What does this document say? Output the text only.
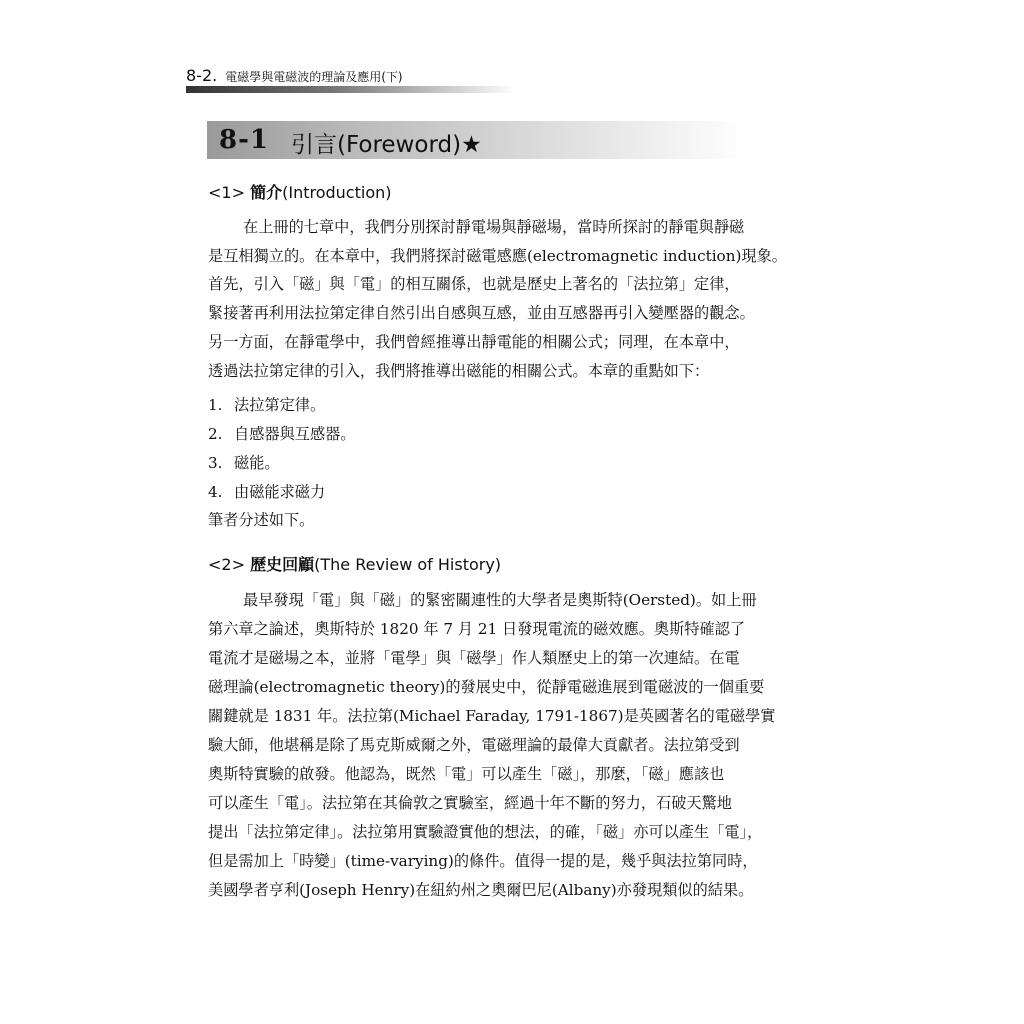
8-2. 電磁學與電磁波的理論及應用(下)
8-1 引言(Foreword)★
<1> 簡介(Introduction)
在上冊的七章中，我們分別探討靜電場與靜磁場，當時所探討的靜電與靜磁
是互相獨立的。在本章中，我們將探討磁電感應(electromagnetic induction)現象。
首先，引入「磁」與「電」的相互關係，也就是歷史上著名的「法拉第」定律，
緊接著再利用法拉第定律自然引出自感與互感，並由互感器再引入變壓器的觀念。
另一方面，在靜電學中，我們曾經推導出靜電能的相關公式；同理，在本章中，
透過法拉第定律的引入，我們將推導出磁能的相關公式。本章的重點如下：
1. 法拉第定律。
2. 自感器與互感器。
3. 磁能。
4. 由磁能求磁力
筆者分述如下。
<2> 歷史回顧(The Review of History)
最早發現「電」與「磁」的緊密關連性的大學者是奧斯特(Oersted)。如上冊
第六章之論述，奧斯特於 1820 年 7 月 21 日發現電流的磁效應。奧斯特確認了
電流才是磁場之本，並將「電學」與「磁學」作人類歷史上的第一次連結。在電
磁理論(electromagnetic theory)的發展史中，從靜電磁進展到電磁波的一個重要
關鍵就是 1831 年。法拉第(Michael Faraday, 1791-1867)是英國著名的電磁學實
驗大師，他堪稱是除了馬克斯威爾之外，電磁理論的最偉大貢獻者。法拉第受到
奧斯特實驗的啟發。他認為，既然「電」可以產生「磁」，那麼，「磁」應該也
可以產生「電」。法拉第在其倫敦之實驗室，經過十年不斷的努力，石破天驚地
提出「法拉第定律」。法拉第用實驗證實他的想法，的確，「磁」亦可以產生「電」，
但是需加上「時變」(time-varying)的條件。值得一提的是，幾乎與法拉第同時，
美國學者亨利(Joseph Henry)在紐約州之奧爾巴尼(Albany)亦發現類似的結果。
